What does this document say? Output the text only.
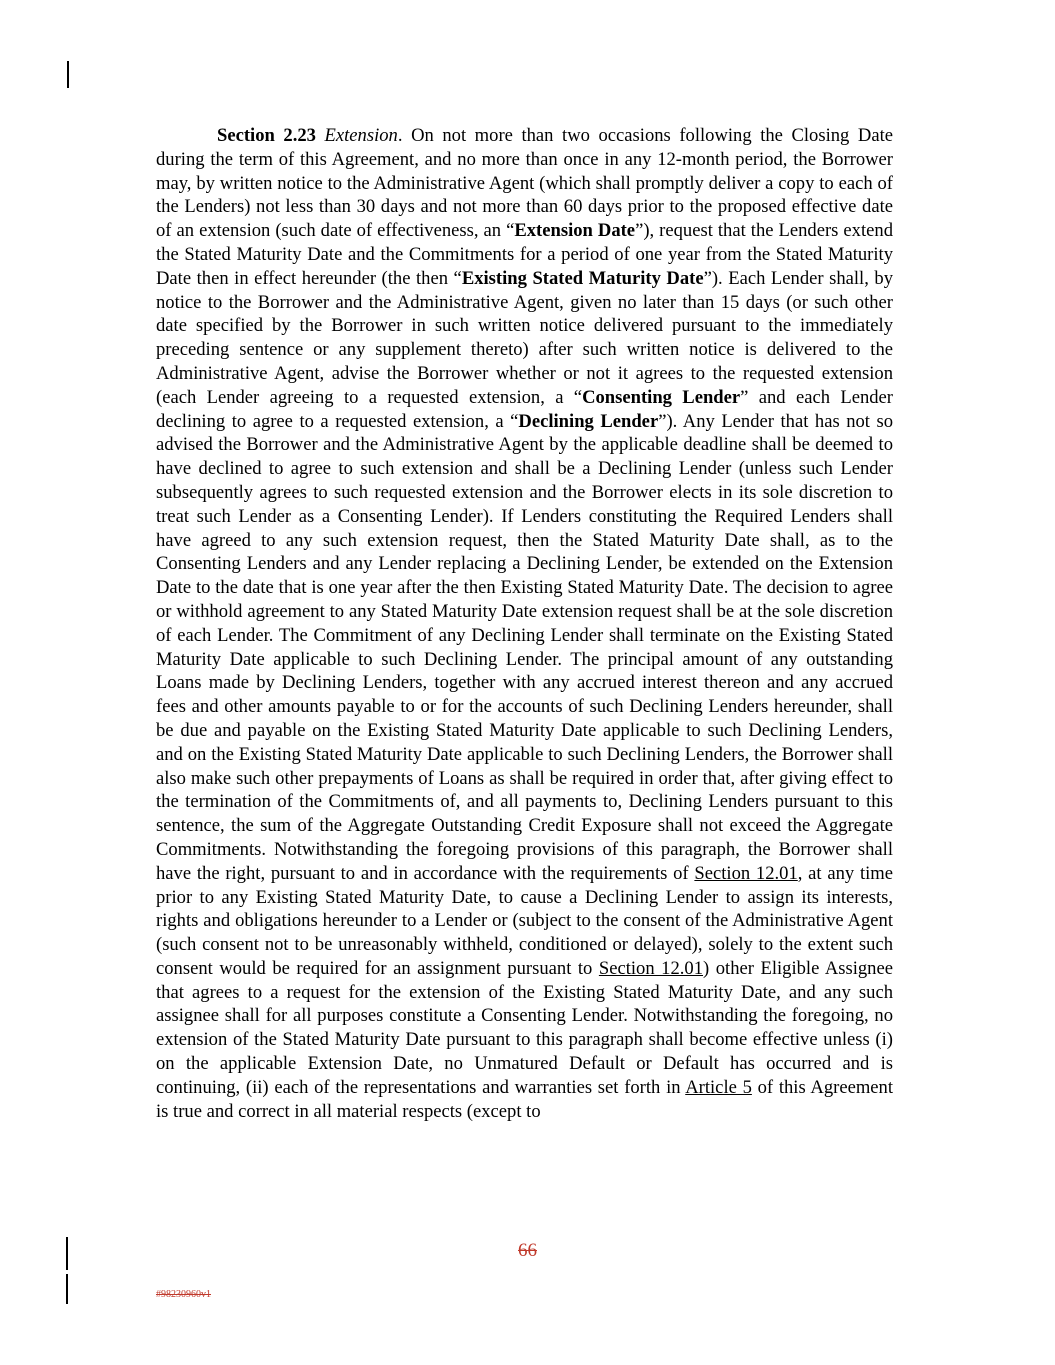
Section 2.23 Extension. On not more than two occasions following the Closing Date during the term of this Agreement, and no more than once in any 12-month period, the Borrower may, by written notice to the Administrative Agent (which shall promptly deliver a copy to each of the Lenders) not less than 30 days and not more than 60 days prior to the proposed effective date of an extension (such date of effectiveness, an “Extension Date”), request that the Lenders extend the Stated Maturity Date and the Commitments for a period of one year from the Stated Maturity Date then in effect hereunder (the then “Existing Stated Maturity Date”). Each Lender shall, by notice to the Borrower and the Administrative Agent, given no later than 15 days (or such other date specified by the Borrower in such written notice delivered pursuant to the immediately preceding sentence or any supplement thereto) after such written notice is delivered to the Administrative Agent, advise the Borrower whether or not it agrees to the requested extension (each Lender agreeing to a requested extension, a “Consenting Lender” and each Lender declining to agree to a requested extension, a “Declining Lender”). Any Lender that has not so advised the Borrower and the Administrative Agent by the applicable deadline shall be deemed to have declined to agree to such extension and shall be a Declining Lender (unless such Lender subsequently agrees to such requested extension and the Borrower elects in its sole discretion to treat such Lender as a Consenting Lender). If Lenders constituting the Required Lenders shall have agreed to any such extension request, then the Stated Maturity Date shall, as to the Consenting Lenders and any Lender replacing a Declining Lender, be extended on the Extension Date to the date that is one year after the then Existing Stated Maturity Date. The decision to agree or withhold agreement to any Stated Maturity Date extension request shall be at the sole discretion of each Lender. The Commitment of any Declining Lender shall terminate on the Existing Stated Maturity Date applicable to such Declining Lender. The principal amount of any outstanding Loans made by Declining Lenders, together with any accrued interest thereon and any accrued fees and other amounts payable to or for the accounts of such Declining Lenders hereunder, shall be due and payable on the Existing Stated Maturity Date applicable to such Declining Lenders, and on the Existing Stated Maturity Date applicable to such Declining Lenders, the Borrower shall also make such other prepayments of Loans as shall be required in order that, after giving effect to the termination of the Commitments of, and all payments to, Declining Lenders pursuant to this sentence, the sum of the Aggregate Outstanding Credit Exposure shall not exceed the Aggregate Commitments. Notwithstanding the foregoing provisions of this paragraph, the Borrower shall have the right, pursuant to and in accordance with the requirements of Section 12.01, at any time prior to any Existing Stated Maturity Date, to cause a Declining Lender to assign its interests, rights and obligations hereunder to a Lender or (subject to the consent of the Administrative Agent (such consent not to be unreasonably withheld, conditioned or delayed), solely to the extent such consent would be required for an assignment pursuant to Section 12.01) other Eligible Assignee that agrees to a request for the extension of the Existing Stated Maturity Date, and any such assignee shall for all purposes constitute a Consenting Lender. Notwithstanding the foregoing, no extension of the Stated Maturity Date pursuant to this paragraph shall become effective unless (i) on the applicable Extension Date, no Unmatured Default or Default has occurred and is continuing, (ii) each of the representations and warranties set forth in Article 5 of this Agreement is true and correct in all material respects (except to

66
#98230960v1
